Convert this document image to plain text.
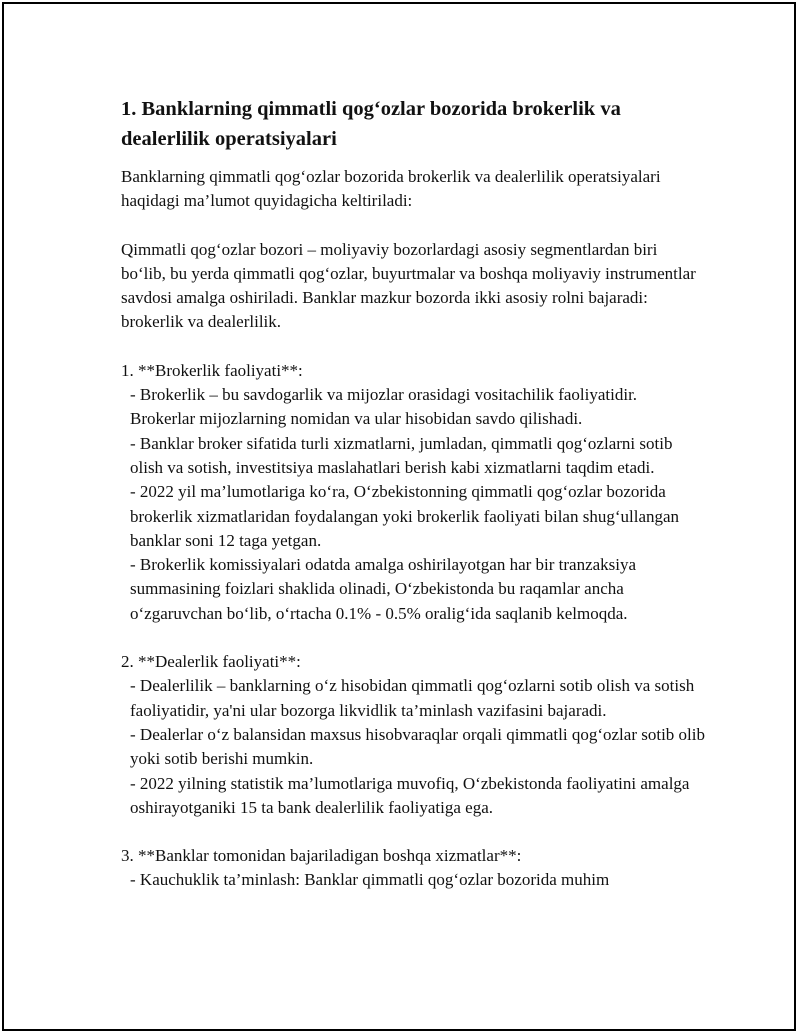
1. Banklarning qimmatli qog‘ozlar bozorida brokerlik va dealerlilik operatsiyalari

Banklarning qimmatli qog‘ozlar bozorida brokerlik va dealerlilik operatsiyalari haqidagi ma’lumot quyidagicha keltiriladi:

Qimmatli qog‘ozlar bozori – moliyaviy bozorlardagi asosiy segmentlardan biri bo‘lib, bu yerda qimmatli qog‘ozlar, buyurtmalar va boshqa moliyaviy instrumentlar savdosi amalga oshiriladi. Banklar mazkur bozorda ikki asosiy rolni bajaradi: brokerlik va dealerlilik.

1. **Brokerlik faoliyati**:

- Brokerlik – bu savdogarlik va mijozlar orasidagi vositachilik faoliyatidir. Brokerlar mijozlarning nomidan va ular hisobidan savdo qilishadi.

- Banklar broker sifatida turli xizmatlarni, jumladan, qimmatli qog‘ozlarni sotib olish va sotish, investitsiya maslahatlari berish kabi xizmatlarni taqdim etadi.

- 2022 yil ma’lumotlariga ko‘ra, O‘zbekistonning qimmatli qog‘ozlar bozorida brokerlik xizmatlaridan foydalangan yoki brokerlik faoliyati bilan shug‘ullangan banklar soni 12 taga yetgan.

- Brokerlik komissiyalari odatda amalga oshirilayotgan har bir tranzaksiya summasining foizlari shaklida olinadi, O‘zbekistonda bu raqamlar ancha o‘zgaruvchan bo‘lib, o‘rtacha 0.1% - 0.5% oralig‘ida saqlanib kelmoqda.

2. **Dealerlik faoliyati**:

- Dealerlilik – banklarning o‘z hisobidan qimmatli qog‘ozlarni sotib olish va sotish faoliyatidir, ya'ni ular bozorga likvidlik ta’minlash vazifasini bajaradi.

- Dealerlar o‘z balansidan maxsus hisobvaraqlar orqali qimmatli qog‘ozlar sotib olib yoki sotib berishi mumkin.

- 2022 yilning statistik ma’lumotlariga muvofiq, O‘zbekistonda faoliyatini amalga oshirayotganiki 15 ta bank dealerlilik faoliyatiga ega.

3. **Banklar tomonidan bajariladigan boshqa xizmatlar**:

- Kauchuklik ta’minlash: Banklar qimmatli qog‘ozlar bozorida muhim
